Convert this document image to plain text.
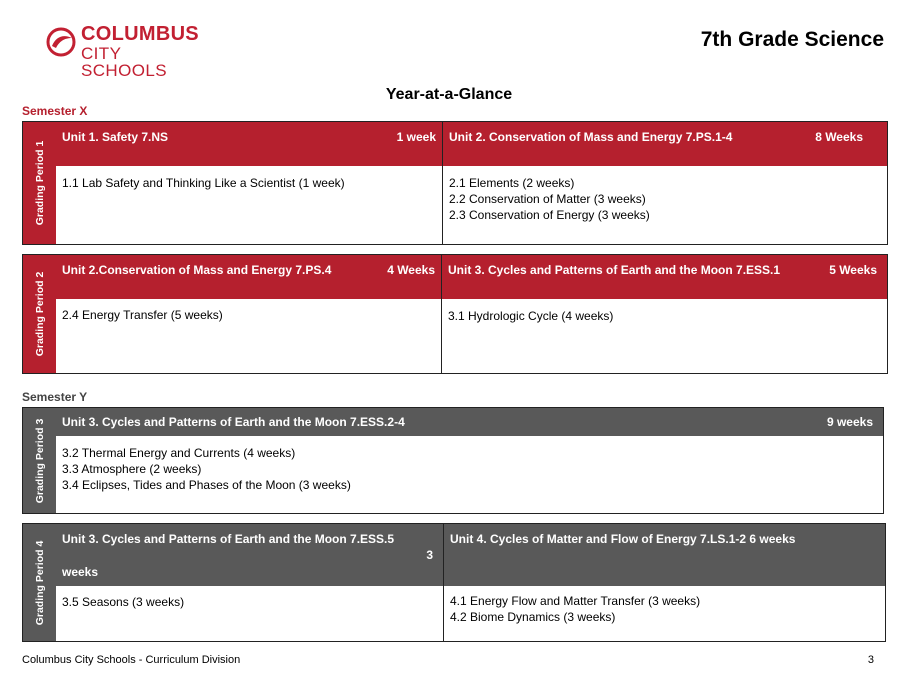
COLUMBUS
CITY SCHOOLS
7th Grade Science
Year-at-a-Glance
Semester X
Grading Period 1
Unit 1. Safety 7.NS	1 week
1.1 Lab Safety and Thinking Like a Scientist (1 week)
Unit 2. Conservation of Mass and Energy 7.PS.1-4	8 Weeks
2.1 Elements (2 weeks)
2.2 Conservation of Matter (3 weeks)
2.3 Conservation of Energy (3 weeks)
Grading Period 2
Unit 2.Conservation of Mass and Energy 7.PS.4	4 Weeks
2.4 Energy Transfer (5 weeks)
Unit 3. Cycles and Patterns of Earth and the Moon 7.ESS.1	5 Weeks
3.1 Hydrologic Cycle (4 weeks)
Semester Y
Grading Period 3 Unit 3. Cycles and Patterns of Earth and the Moon 7.ESS.2-4	9 weeks
3.2 Thermal Energy and Currents (4 weeks)
3.3 Atmosphere (2 weeks)
3.4 Eclipses, Tides and Phases of the Moon (3 weeks)
Grading Period 4
Unit 3. Cycles and Patterns of Earth and the Moon 7.ESS.5
3
weeks
3.5 Seasons (3 weeks)
Unit 4. Cycles of Matter and Flow of Energy 7.LS.1-2 6 weeks
4.1 Energy Flow and Matter Transfer (3 weeks)
4.2 Biome Dynamics (3 weeks)
Columbus City Schools - Curriculum Division	3
